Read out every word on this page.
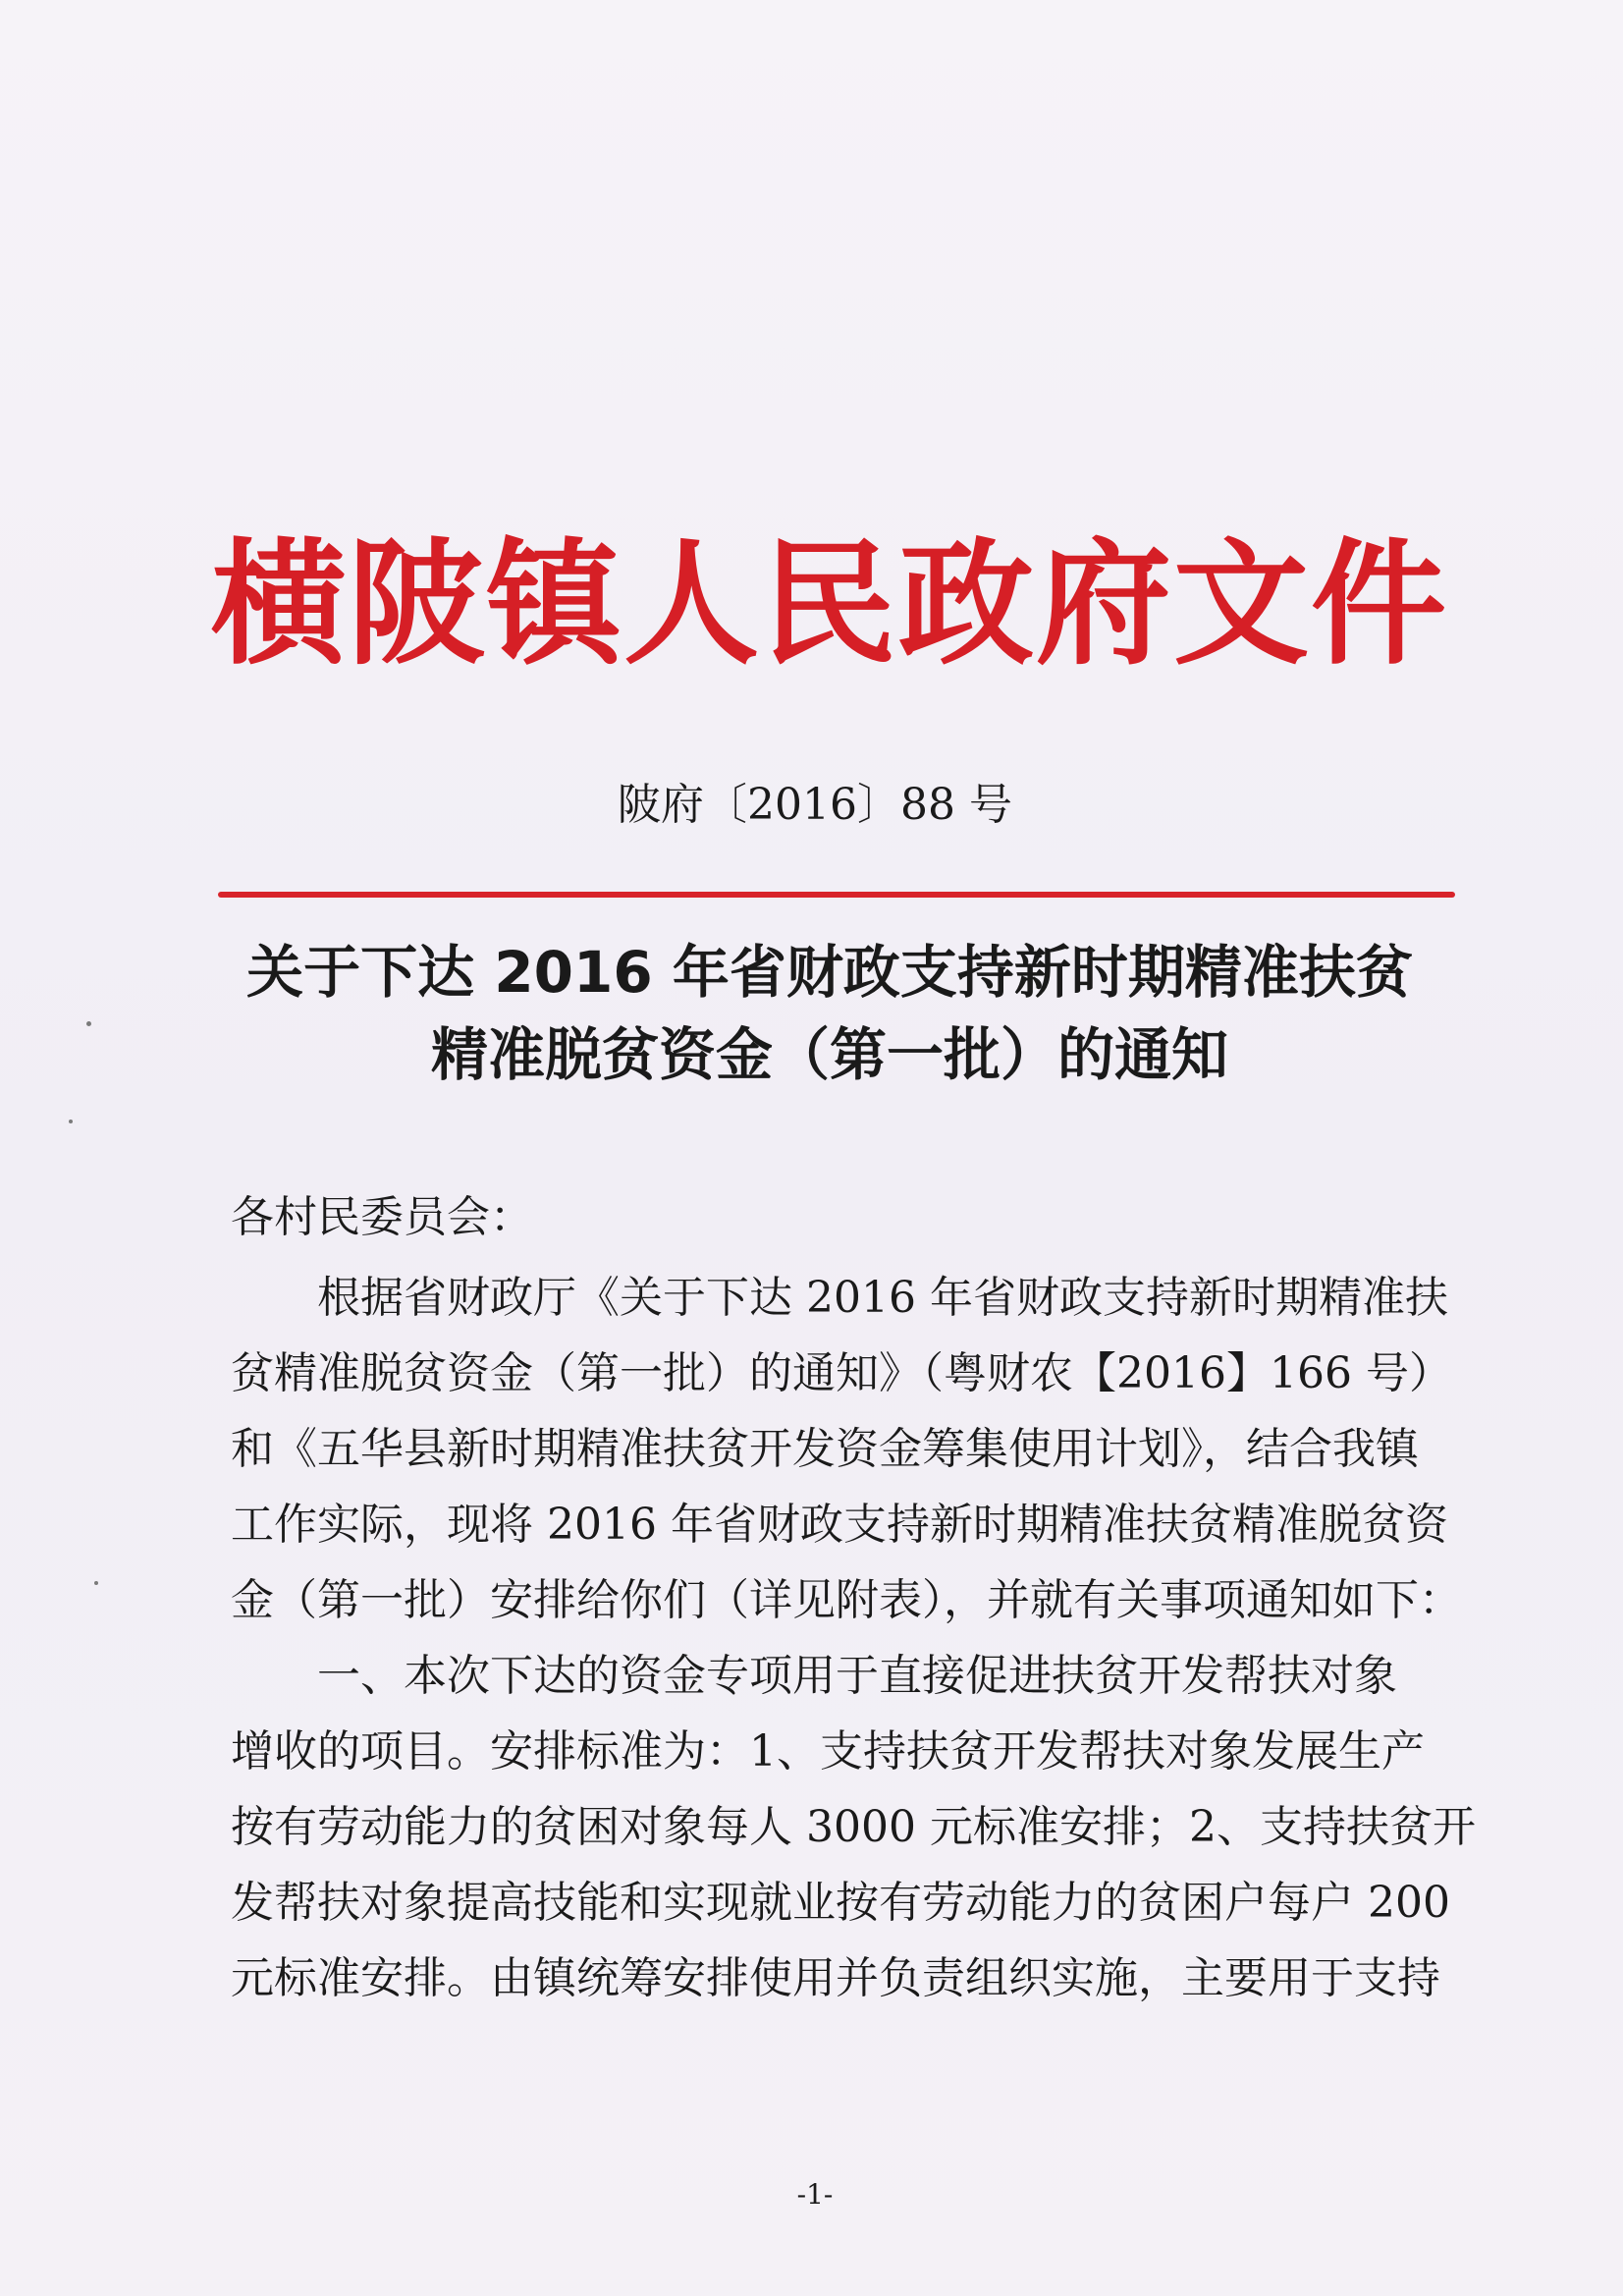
横陂镇人民政府文件
陂府〔2016〕88 号
关于下达 2016 年省财政支持新时期精准扶贫
精准脱贫资金（第一批）的通知
各村民委员会：
根据省财政厅《关于下达 2016 年省财政支持新时期精准扶
贫精准脱贫资金（第一批）的通知》（粤财农【2016】166 号）
和《五华县新时期精准扶贫开发资金筹集使用计划》，结合我镇
工作实际，现将 2016 年省财政支持新时期精准扶贫精准脱贫资
金（第一批）安排给你们（详见附表），并就有关事项通知如下：
一、本次下达的资金专项用于直接促进扶贫开发帮扶对象
增收的项目。安排标准为：1、支持扶贫开发帮扶对象发展生产
按有劳动能力的贫困对象每人 3000 元标准安排；2、支持扶贫开
发帮扶对象提高技能和实现就业按有劳动能力的贫困户每户 200
元标准安排。由镇统筹安排使用并负责组织实施，主要用于支持
-1-
